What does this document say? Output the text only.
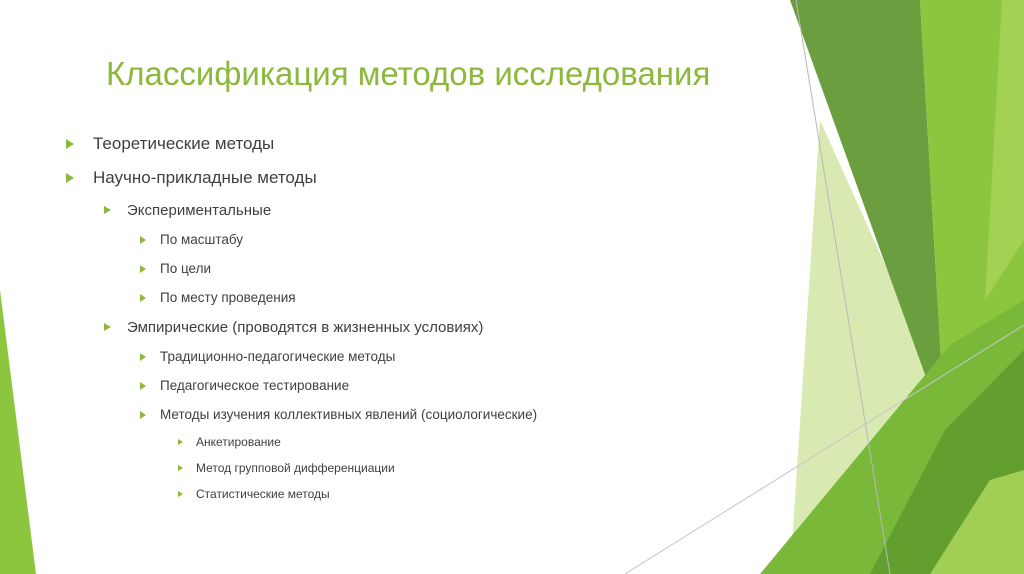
Классификация методов исследования
Теоретические методы
Научно-прикладные методы
Экспериментальные
По масштабу
По цели
По месту проведения
Эмпирические (проводятся в жизненных условиях)
Традиционно-педагогические методы
Педагогическое тестирование
Методы изучения коллективных явлений (социологические)
Анкетирование
Метод групповой дифференциации
Статистические методы
